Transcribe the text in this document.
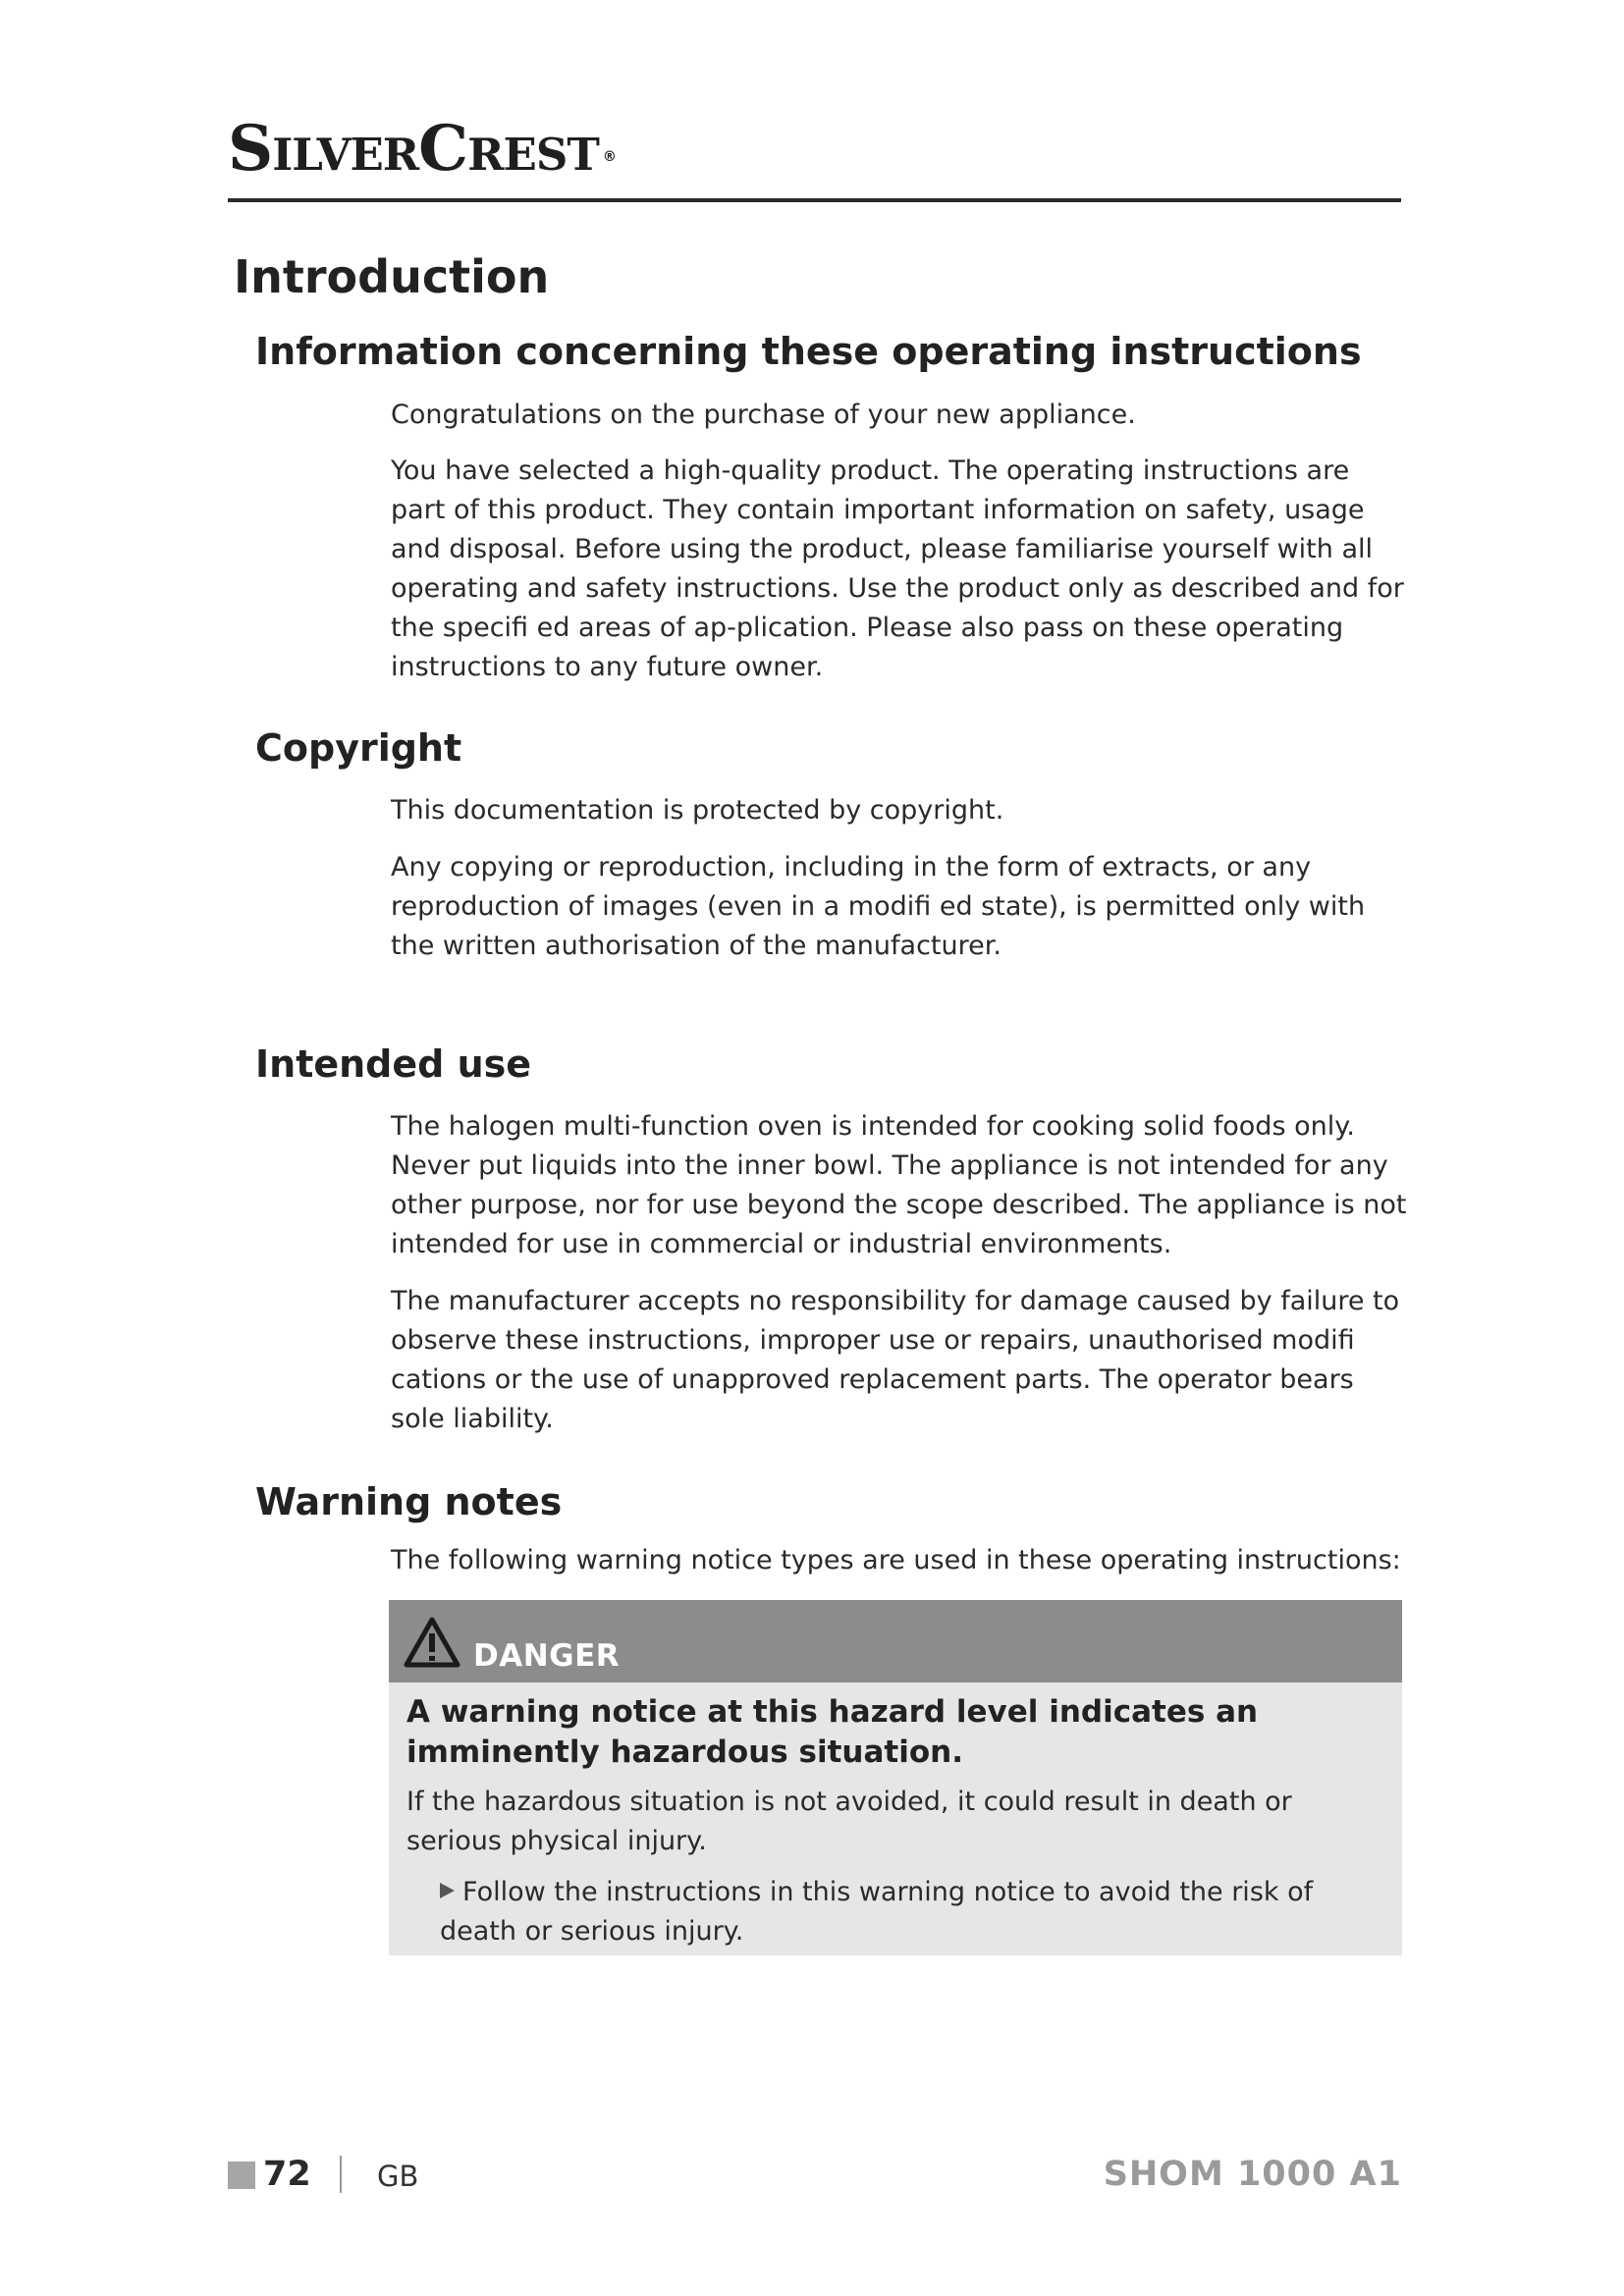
SilverCrest ®
Introduction
Information concerning these operating instructions

Congratulations on the purchase of your new appliance.

You have selected a high-quality product. The operating instructions are part of this product. They contain important information on safety, usage and disposal. Before using the product, please familiarise yourself with all operating and safety instructions. Use the product only as described and for the specifi ed areas of ap-plication. Please also pass on these operating instructions to any future owner.

Copyright

This documentation is protected by copyright.

Any copying or reproduction, including in the form of extracts, or any reproduction of images (even in a modifi ed state), is permitted only with the written authorisation of the manufacturer.

Intended use

The halogen multi-function oven is intended for cooking solid foods only. Never put liquids into the inner bowl. The appliance is not intended for any other purpose, nor for use beyond the scope described. The appliance is not intended for use in commercial or industrial environments.

The manufacturer accepts no responsibility for damage caused by failure to observe these instructions, improper use or repairs, unauthorised modifi cations or the use of unapproved replacement parts. The operator bears sole liability.

Warning notes

The following warning notice types are used in these operating instructions:

DANGER

A warning notice at this hazard level indicates an imminently hazardous situation.

If the hazardous situation is not avoided, it could result in death or serious physical injury.

Follow the instructions in this warning notice to avoid the risk of death or serious injury.

72 GB	SHOM 1000 A1
